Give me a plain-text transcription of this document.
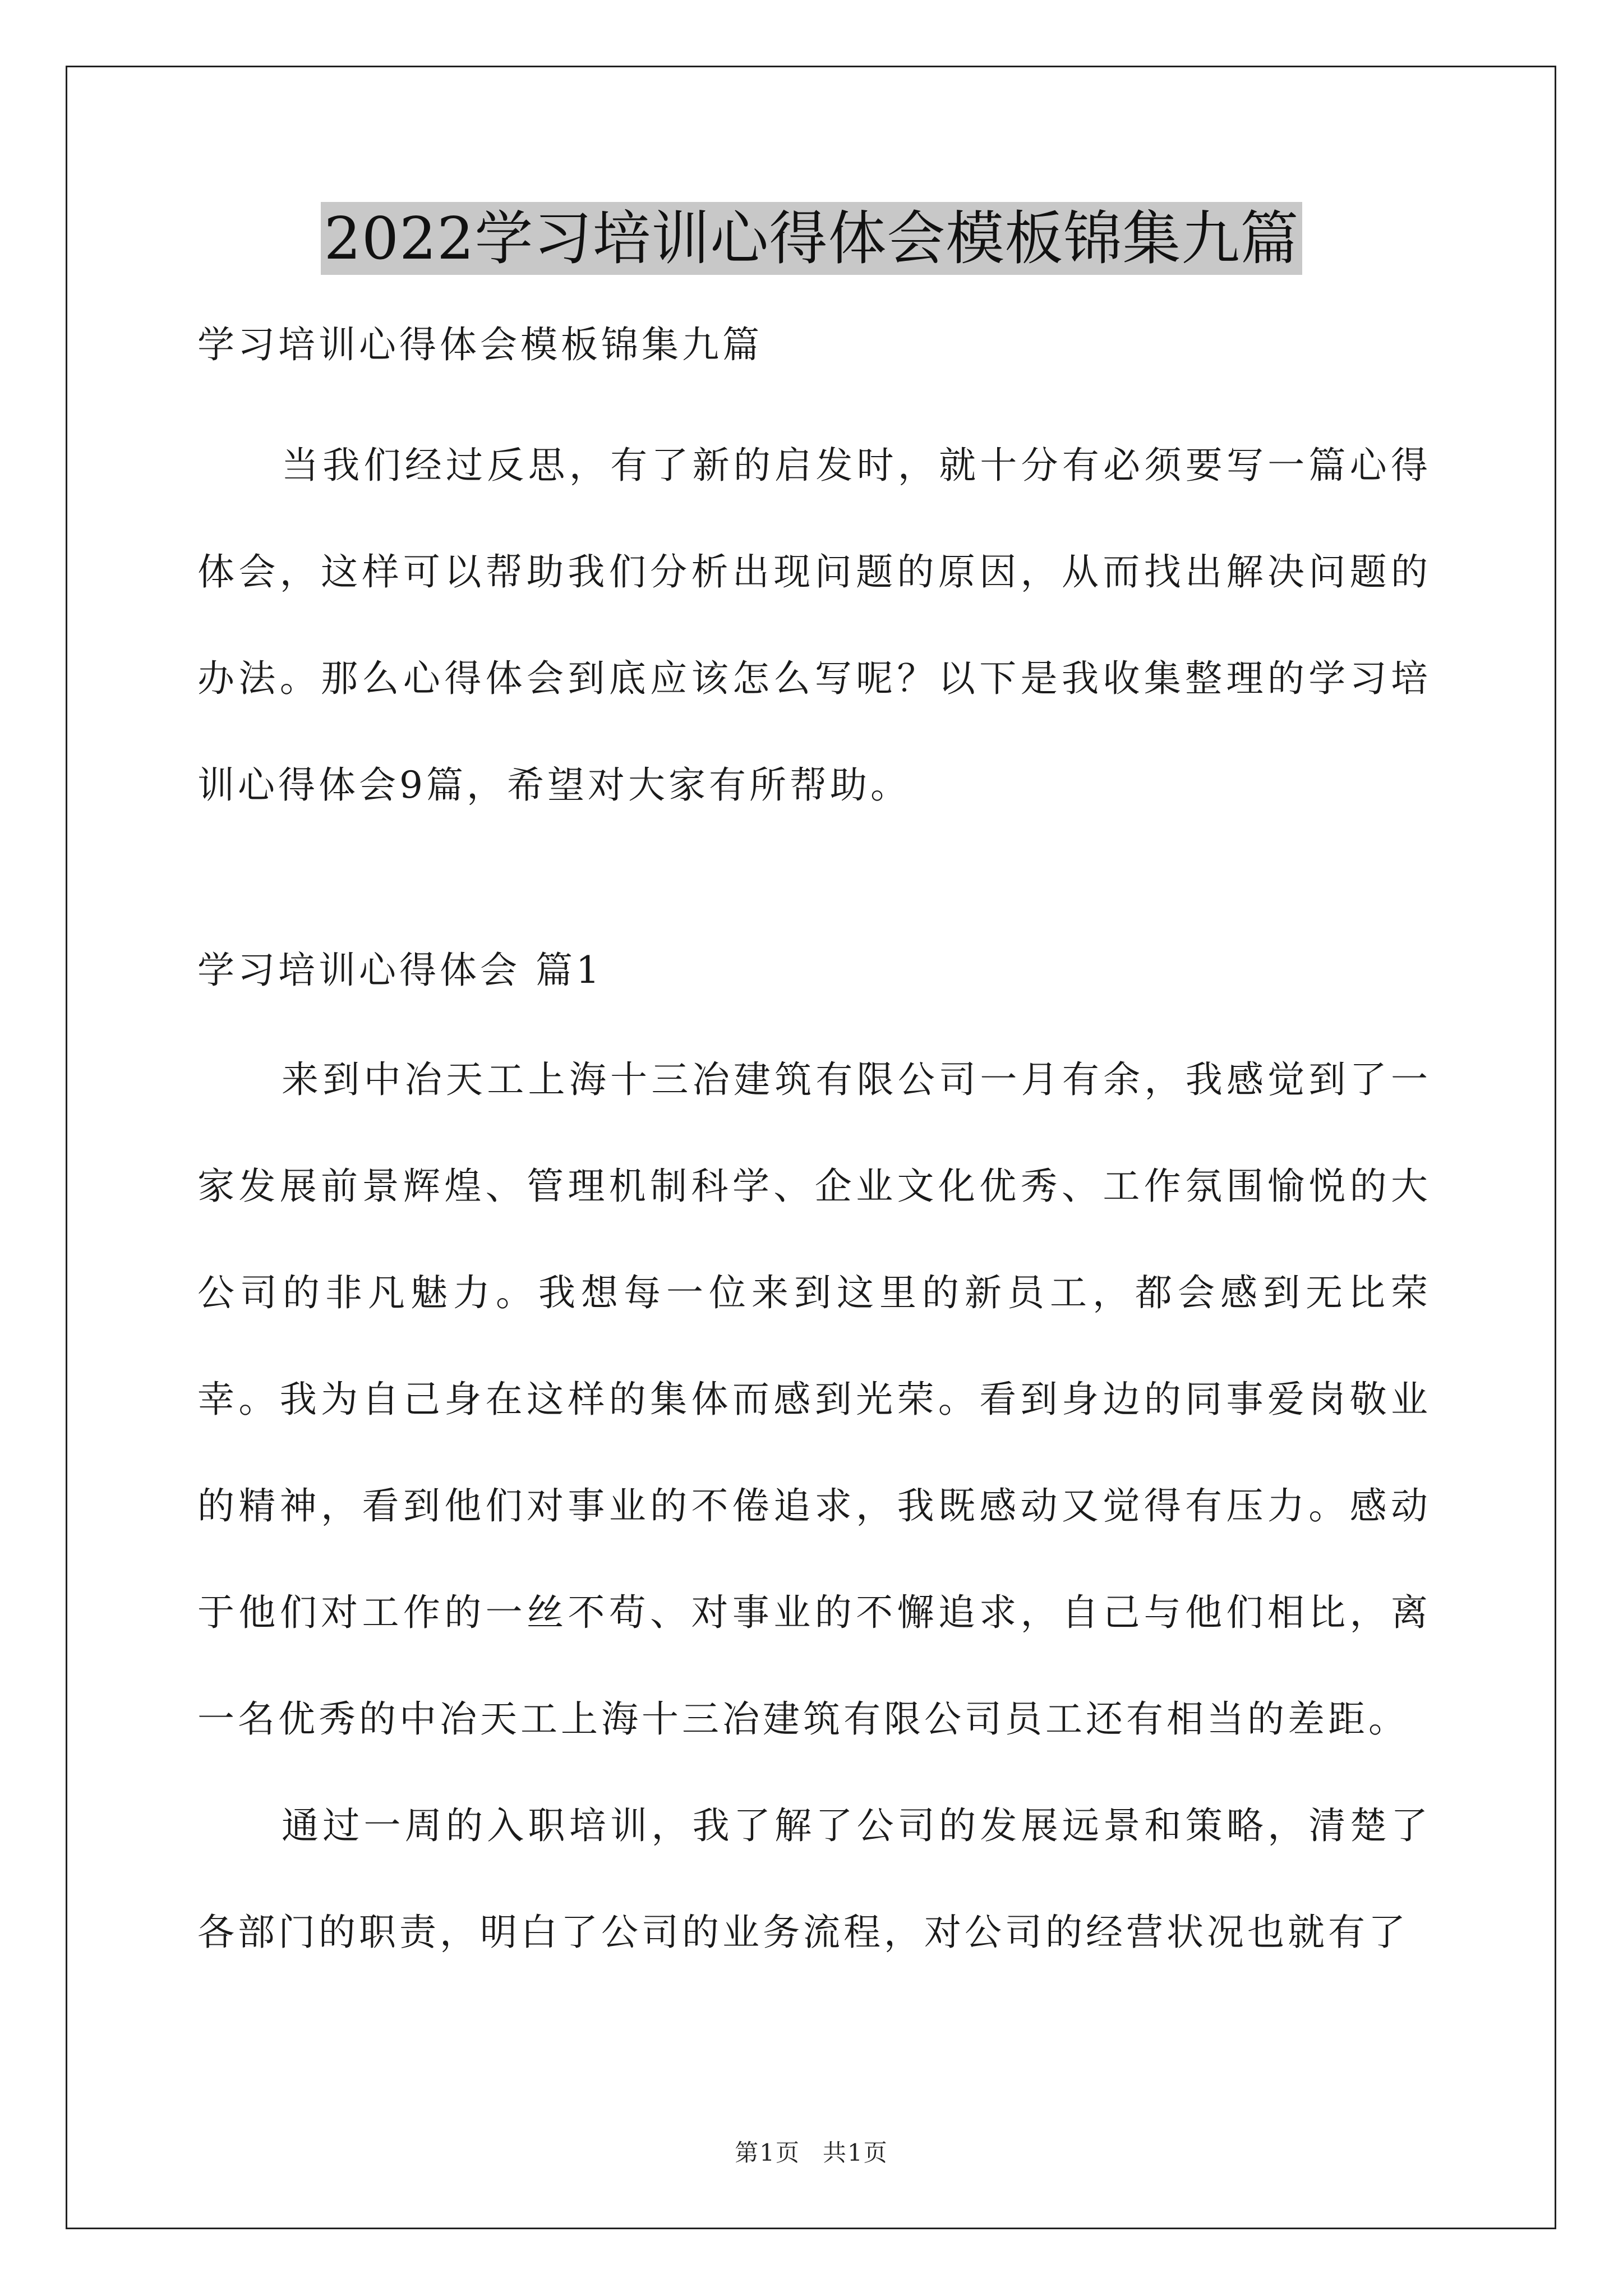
2022学习培训心得体会模板锦集九篇

学习培训心得体会模板锦集九篇

当我们经过反思，有了新的启发时，就十分有必须要写一篇心得体会，这样可以帮助我们分析出现问题的原因，从而找出解决问题的办法。那么心得体会到底应该怎么写呢？以下是我收集整理的学习培训心得体会9篇，希望对大家有所帮助。

学习培训心得体会 篇1

来到中冶天工上海十三冶建筑有限公司一月有余，我感觉到了一家发展前景辉煌、管理机制科学、企业文化优秀、工作氛围愉悦的大公司的非凡魅力。我想每一位来到这里的新员工，都会感到无比荣幸。我为自己身在这样的集体而感到光荣。看到身边的同事爱岗敬业的精神，看到他们对事业的不倦追求，我既感动又觉得有压力。感动于他们对工作的一丝不苟、对事业的不懈追求，自己与他们相比，离一名优秀的中冶天工上海十三冶建筑有限公司员工还有相当的差距。

通过一周的入职培训，我了解了公司的发展远景和策略，清楚了各部门的职责，明白了公司的业务流程，对公司的经营状况也就有了

第1页 共1页
